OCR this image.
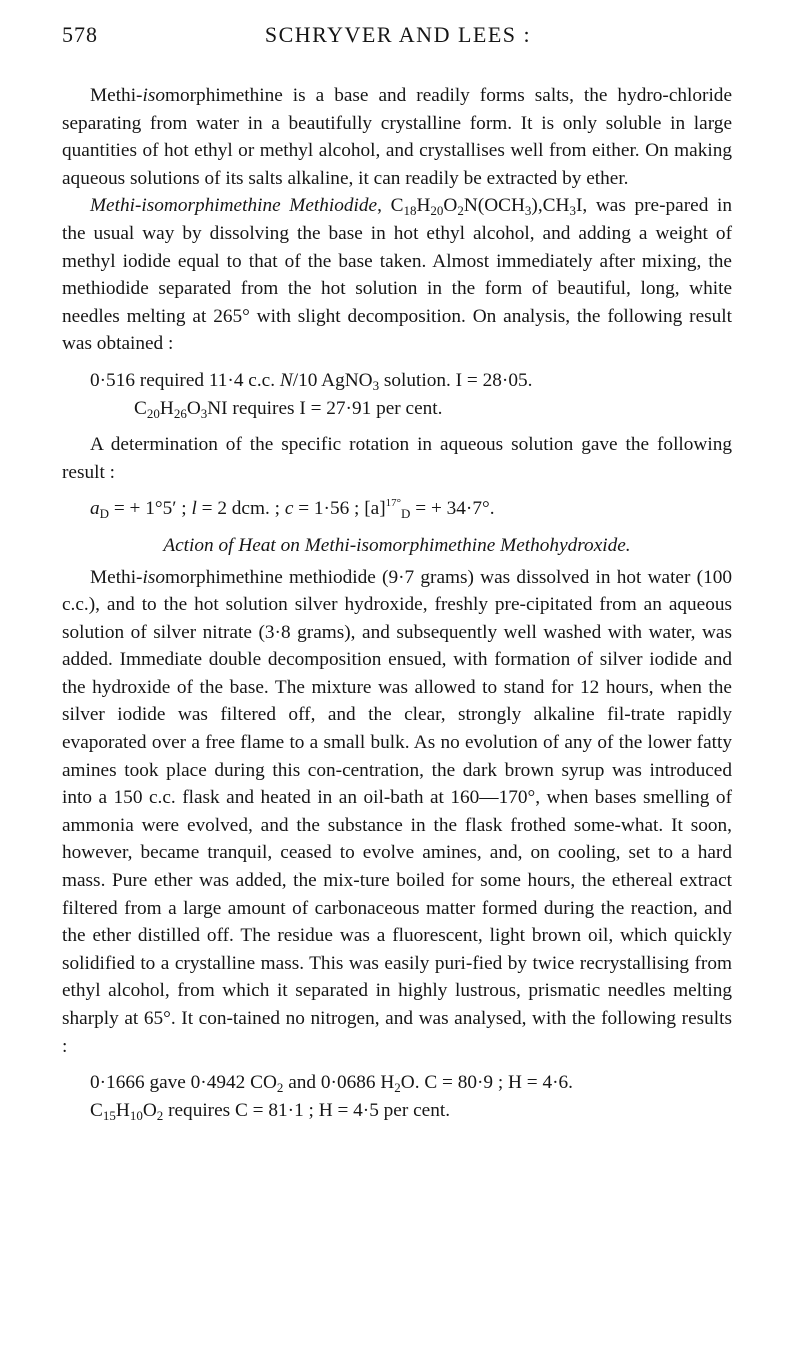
578	SCHRYVER AND LEES :

Methi-isomorphimethine is a base and readily forms salts, the hydro-chloride separating from water in a beautifully crystalline form. It is only soluble in large quantities of hot ethyl or methyl alcohol, and crystallises well from either. On making aqueous solutions of its salts alkaline, it can readily be extracted by ether.

Methi-isomorphimethine Methiodide, $C_{18}H_{20}O_2N(OCH_3),CH_3I$, was pre-pared in the usual way by dissolving the base in hot ethyl alcohol, and adding a weight of methyl iodide equal to that of the base taken. Almost immediately after mixing, the methiodide separated from the hot solution in the form of beautiful, long, white needles melting at 265° with slight decomposition. On analysis, the following result was obtained :

0·516 required 11·4 c.c. N/10 AgNO$_3$ solution. I = 28·05.
$C_{20}H_{26}O_3NI$ requires I = 27·91 per cent.

A determination of the specific rotation in aqueous solution gave the following result :

$a_D$ = + 1°5′ ; l = 2 dcm. ; c = 1·56 ; $[a]^{17^\circ}_D$ = + 34·7°.
Action of Heat on Methi-isomorphimethine Methohydroxide.

Methi-isomorphimethine methiodide (9·7 grams) was dissolved in hot water (100 c.c.), and to the hot solution silver hydroxide, freshly pre-cipitated from an aqueous solution of silver nitrate (3·8 grams), and subsequently well washed with water, was added. Immediate double decomposition ensued, with formation of silver iodide and the hydroxide of the base. The mixture was allowed to stand for 12 hours, when the silver iodide was filtered off, and the clear, strongly alkaline fil-trate rapidly evaporated over a free flame to a small bulk. As no evolution of any of the lower fatty amines took place during this con-centration, the dark brown syrup was introduced into a 150 c.c. flask and heated in an oil-bath at 160—170°, when bases smelling of ammonia were evolved, and the substance in the flask frothed some-what. It soon, however, became tranquil, ceased to evolve amines, and, on cooling, set to a hard mass. Pure ether was added, the mix-ture boiled for some hours, the ethereal extract filtered from a large amount of carbonaceous matter formed during the reaction, and the ether distilled off. The residue was a fluorescent, light brown oil, which quickly solidified to a crystalline mass. This was easily puri-fied by twice recrystallising from ethyl alcohol, from which it separated in highly lustrous, prismatic needles melting sharply at 65°. It con-tained no nitrogen, and was analysed, with the following results :

0·1666 gave 0·4942 $CO_2$ and 0·0686 $H_2O$. C = 80·9 ; H = 4·6.
$C_{15}H_{10}O_2$ requires C = 81·1 ; H = 4·5 per cent.
